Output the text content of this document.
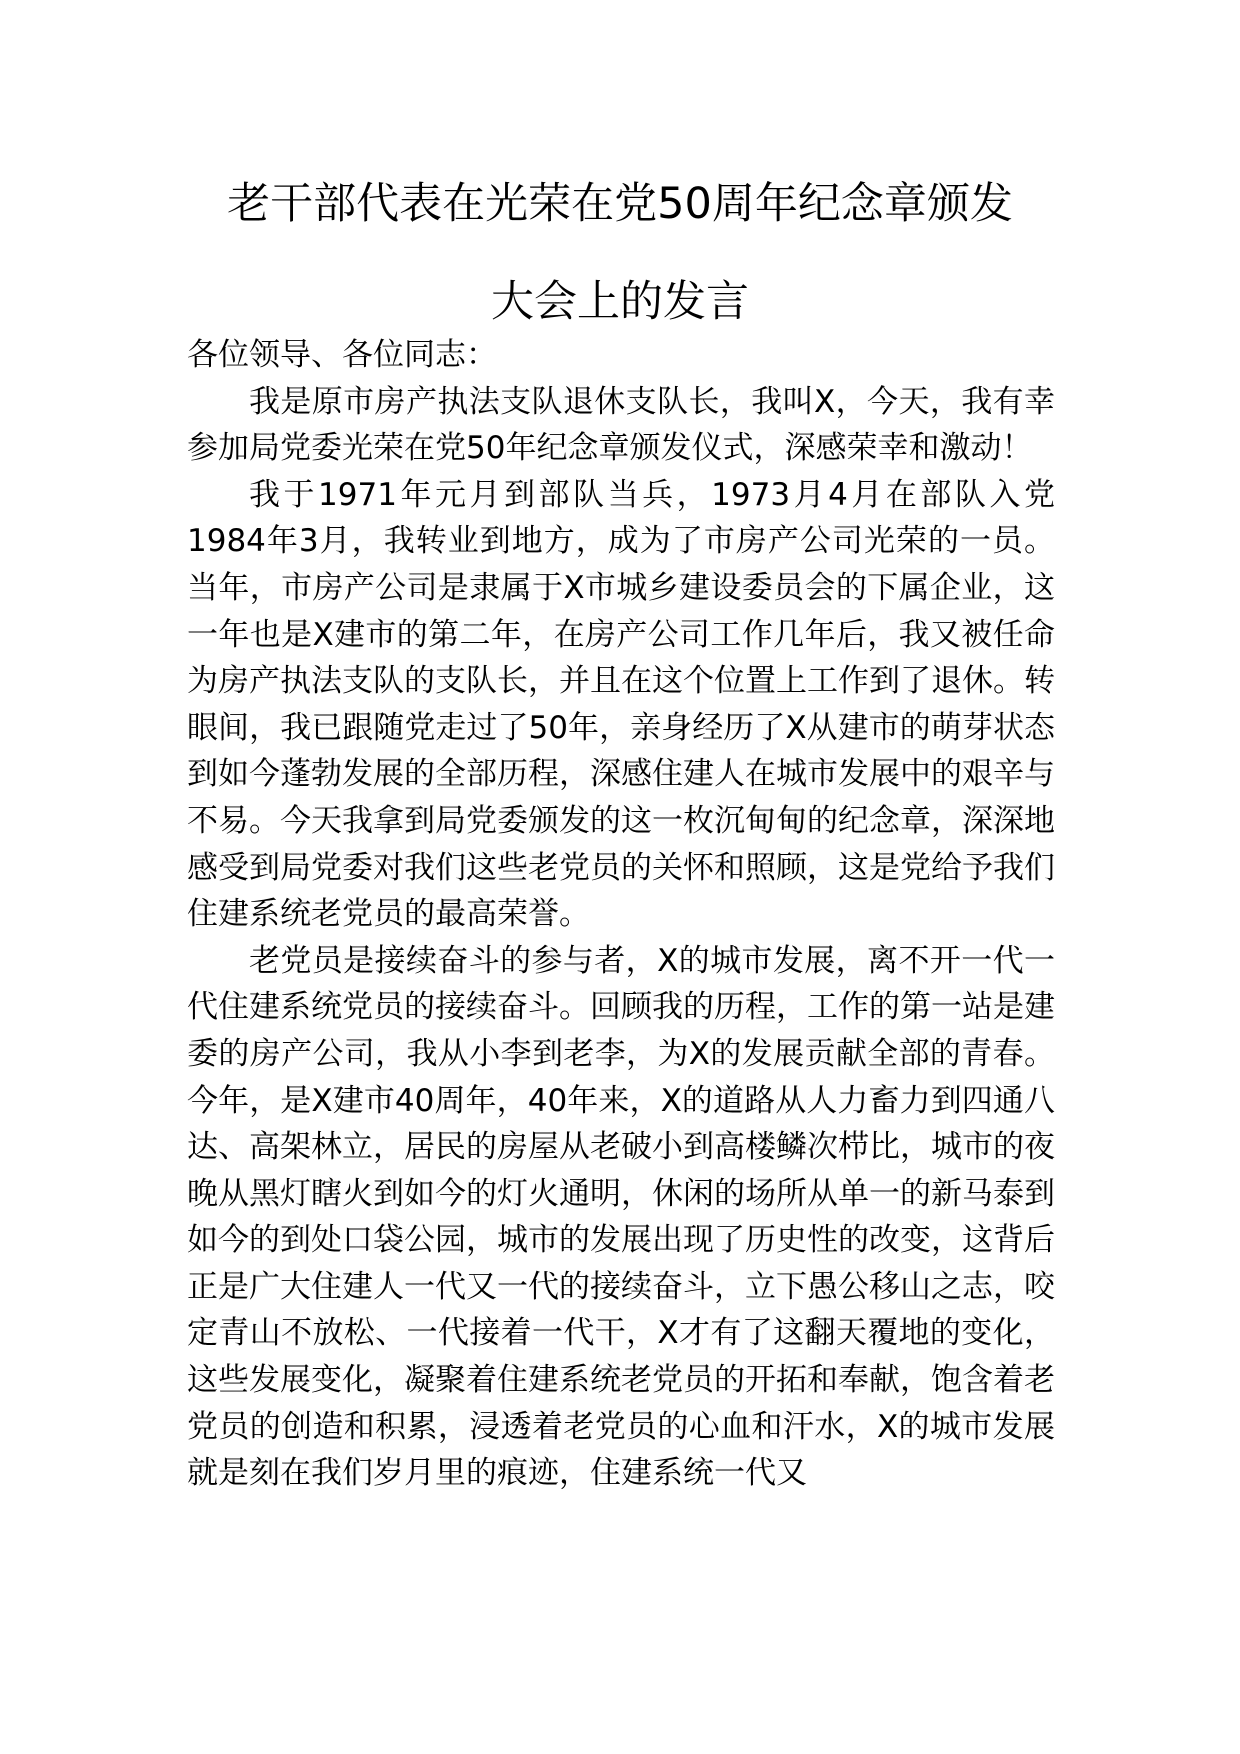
老干部代表在光荣在党50周年纪念章颁发
大会上的发言

各位领导、各位同志：

我是原市房产执法支队退休支队长，我叫X，今天，我有幸参加局党委光荣在党50年纪念章颁发仪式，深感荣幸和激动！

我于1971年元月到部队当兵，1973月4月在部队入党1984年3月，我转业到地方，成为了市房产公司光荣的一员。当年，市房产公司是隶属于X市城乡建设委员会的下属企业，这一年也是X建市的第二年，在房产公司工作几年后，我又被任命为房产执法支队的支队长，并且在这个位置上工作到了退休。转眼间，我已跟随党走过了50年，亲身经历了X从建市的萌芽状态到如今蓬勃发展的全部历程，深感住建人在城市发展中的艰辛与不易。今天我拿到局党委颁发的这一枚沉甸甸的纪念章，深深地感受到局党委对我们这些老党员的关怀和照顾，这是党给予我们住建系统老党员的最高荣誉。

老党员是接续奋斗的参与者，X的城市发展，离不开一代一代住建系统党员的接续奋斗。回顾我的历程，工作的第一站是建委的房产公司，我从小李到老李，为X的发展贡献全部的青春。今年，是X建市40周年，40年来，X的道路从人力畜力到四通八达、高架林立，居民的房屋从老破小到高楼鳞次栉比，城市的夜晚从黑灯瞎火到如今的灯火通明，休闲的场所从单一的新马泰到如今的到处口袋公园，城市的发展出现了历史性的改变，这背后正是广大住建人一代又一代的接续奋斗，立下愚公移山之志，咬定青山不放松、一代接着一代干，X才有了这翻天覆地的变化，这些发展变化，凝聚着住建系统老党员的开拓和奉献，饱含着老党员的创造和积累，浸透着老党员的心血和汗水，X的城市发展就是刻在我们岁月里的痕迹，住建系统一代又
